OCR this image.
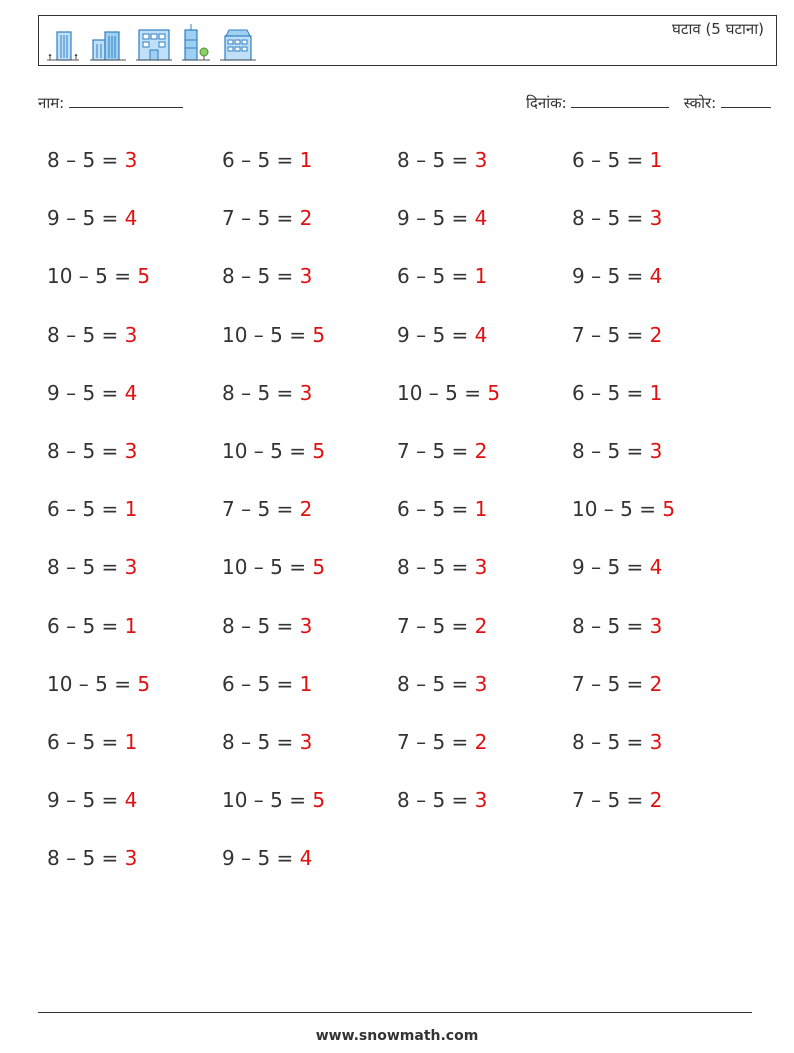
घटाव (5 घटाना)
नाम:	दिनांक:	स्कोर:
8 – 5 = 3	6 – 5 = 1	8 – 5 = 3	6 – 5 = 1
9 – 5 = 4	7 – 5 = 2	9 – 5 = 4	8 – 5 = 3
10 – 5 = 5	8 – 5 = 3	6 – 5 = 1	9 – 5 = 4
8 – 5 = 3	10 – 5 = 5	9 – 5 = 4	7 – 5 = 2
9 – 5 = 4	8 – 5 = 3	10 – 5 = 5	6 – 5 = 1
8 – 5 = 3	10 – 5 = 5	7 – 5 = 2	8 – 5 = 3
6 – 5 = 1	7 – 5 = 2	6 – 5 = 1	10 – 5 = 5
8 – 5 = 3	10 – 5 = 5	8 – 5 = 3	9 – 5 = 4
6 – 5 = 1	8 – 5 = 3	7 – 5 = 2	8 – 5 = 3
10 – 5 = 5	6 – 5 = 1	8 – 5 = 3	7 – 5 = 2
6 – 5 = 1	8 – 5 = 3	7 – 5 = 2	8 – 5 = 3
9 – 5 = 4	10 – 5 = 5	8 – 5 = 3	7 – 5 = 2
8 – 5 = 3	9 – 5 = 4
www.snowmath.com
